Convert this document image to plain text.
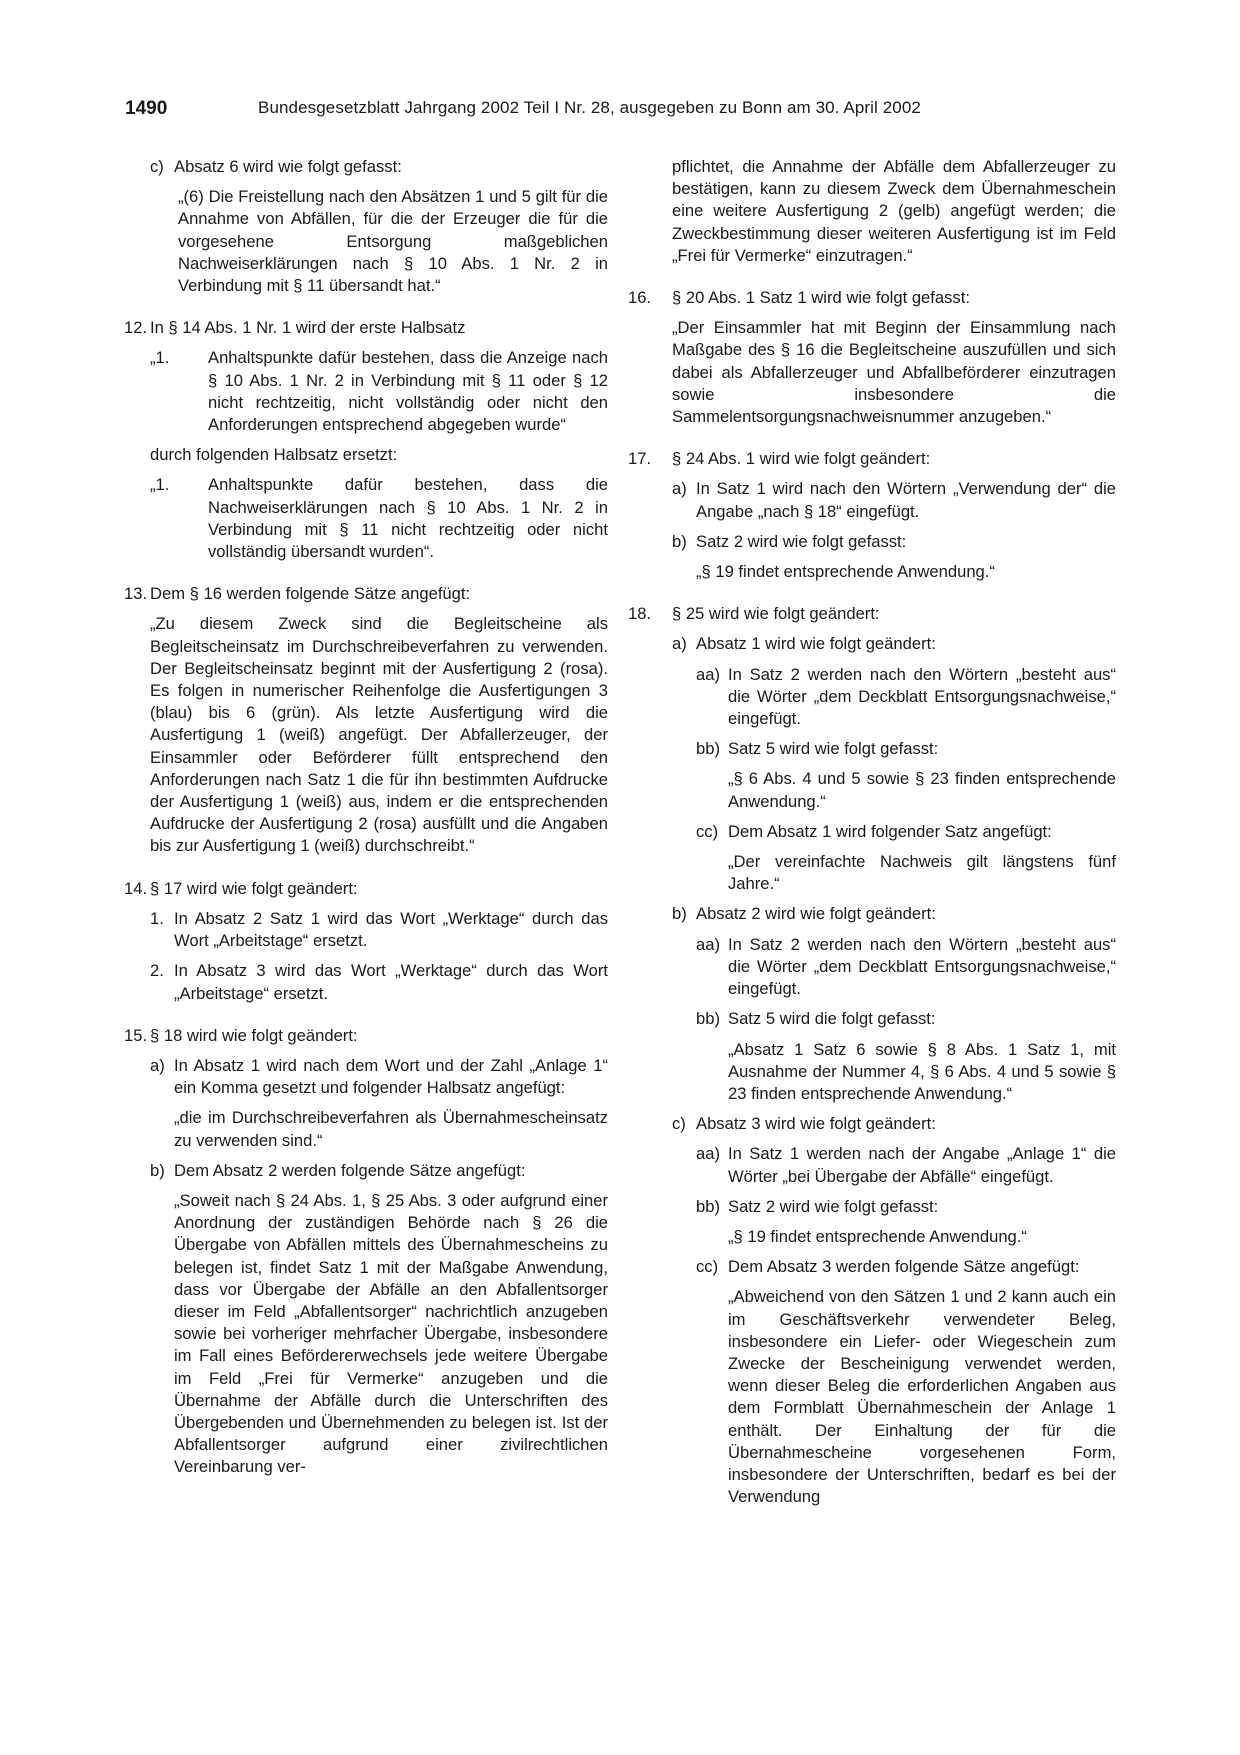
1490	Bundesgesetzblatt Jahrgang 2002 Teil I Nr. 28, ausgegeben zu Bonn am 30. April 2002
c) Absatz 6 wird wie folgt gefasst:

„(6) Die Freistellung nach den Absätzen 1 und 5 gilt für die Annahme von Abfällen, für die der Erzeuger die für die vorgesehene Entsorgung maßgeblichen Nachweiserklärungen nach § 10 Abs. 1 Nr. 2 in Verbindung mit § 11 übersandt hat.“

12. In § 14 Abs. 1 Nr. 1 wird der erste Halbsatz

„1. Anhaltspunkte dafür bestehen, dass die Anzeige nach § 10 Abs. 1 Nr. 2 in Verbindung mit § 11 oder § 12 nicht rechtzeitig, nicht vollständig oder nicht den Anforderungen entsprechend abgegeben wurde“

durch folgenden Halbsatz ersetzt:

„1. Anhaltspunkte dafür bestehen, dass die Nachweiserklärungen nach § 10 Abs. 1 Nr. 2 in Verbindung mit § 11 nicht rechtzeitig oder nicht vollständig übersandt wurden“.

13. Dem § 16 werden folgende Sätze angefügt:

„Zu diesem Zweck sind die Begleitscheine als Begleitscheinsatz im Durchschreibeverfahren zu verwenden. Der Begleitscheinsatz beginnt mit der Ausfertigung 2 (rosa). Es folgen in numerischer Reihenfolge die Ausfertigungen 3 (blau) bis 6 (grün). Als letzte Ausfertigung wird die Ausfertigung 1 (weiß) angefügt. Der Abfallerzeuger, der Einsammler oder Beförderer füllt entsprechend den Anforderungen nach Satz 1 die für ihn bestimmten Aufdrucke der Ausfertigung 1 (weiß) aus, indem er die entsprechenden Aufdrucke der Ausfertigung 2 (rosa) ausfüllt und die Angaben bis zur Ausfertigung 1 (weiß) durchschreibt.“

14. § 17 wird wie folgt geändert:

1. In Absatz 2 Satz 1 wird das Wort „Werktage“ durch das Wort „Arbeitstage“ ersetzt.

2. In Absatz 3 wird das Wort „Werktage“ durch das Wort „Arbeitstage“ ersetzt.

15. § 18 wird wie folgt geändert:

a) In Absatz 1 wird nach dem Wort und der Zahl „Anlage 1“ ein Komma gesetzt und folgender Halbsatz angefügt:

„die im Durchschreibeverfahren als Übernahmescheinsatz zu verwenden sind.“

b) Dem Absatz 2 werden folgende Sätze angefügt:

„Soweit nach § 24 Abs. 1, § 25 Abs. 3 oder aufgrund einer Anordnung der zuständigen Behörde nach § 26 die Übergabe von Abfällen mittels des Übernahmescheins zu belegen ist, findet Satz 1 mit der Maßgabe Anwendung, dass vor Übergabe der Abfälle an den Abfallentsorger dieser im Feld „Abfallentsorger“ nachrichtlich anzugeben sowie bei vorheriger mehrfacher Übergabe, insbesondere im Fall eines Befördererwechsels jede weitere Übergabe im Feld „Frei für Vermerke“ anzugeben und die Übernahme der Abfälle durch die Unterschriften des Übergebenden und Übernehmenden zu belegen ist. Ist der Abfallentsorger aufgrund einer zivilrechtlichen Vereinbarung ver-

pflichtet, die Annahme der Abfälle dem Abfallerzeuger zu bestätigen, kann zu diesem Zweck dem Übernahmeschein eine weitere Ausfertigung 2 (gelb) angefügt werden; die Zweckbestimmung dieser weiteren Ausfertigung ist im Feld „Frei für Vermerke“ einzutragen.“

16. § 20 Abs. 1 Satz 1 wird wie folgt gefasst:

„Der Einsammler hat mit Beginn der Einsammlung nach Maßgabe des § 16 die Begleitscheine auszufüllen und sich dabei als Abfallerzeuger und Abfallbeförderer einzutragen sowie insbesondere die Sammelentsorgungsnachweisnummer anzugeben.“

17. § 24 Abs. 1 wird wie folgt geändert:

a) In Satz 1 wird nach den Wörtern „Verwendung der“ die Angabe „nach § 18“ eingefügt.

b) Satz 2 wird wie folgt gefasst:

„§ 19 findet entsprechende Anwendung.“

18. § 25 wird wie folgt geändert:

a) Absatz 1 wird wie folgt geändert:

aa) In Satz 2 werden nach den Wörtern „besteht aus“ die Wörter „dem Deckblatt Entsorgungsnachweise,“ eingefügt.

bb) Satz 5 wird wie folgt gefasst:

„§ 6 Abs. 4 und 5 sowie § 23 finden entsprechende Anwendung.“

cc) Dem Absatz 1 wird folgender Satz angefügt:

„Der vereinfachte Nachweis gilt längstens fünf Jahre.“

b) Absatz 2 wird wie folgt geändert:

aa) In Satz 2 werden nach den Wörtern „besteht aus“ die Wörter „dem Deckblatt Entsorgungsnachweise,“ eingefügt.

bb) Satz 5 wird die folgt gefasst:

„Absatz 1 Satz 6 sowie § 8 Abs. 1 Satz 1, mit Ausnahme der Nummer 4, § 6 Abs. 4 und 5 sowie § 23 finden entsprechende Anwendung.“

c) Absatz 3 wird wie folgt geändert:

aa) In Satz 1 werden nach der Angabe „Anlage 1“ die Wörter „bei Übergabe der Abfälle“ eingefügt.

bb) Satz 2 wird wie folgt gefasst:

„§ 19 findet entsprechende Anwendung.“

cc) Dem Absatz 3 werden folgende Sätze angefügt:

„Abweichend von den Sätzen 1 und 2 kann auch ein im Geschäftsverkehr verwendeter Beleg, insbesondere ein Liefer- oder Wiegeschein zum Zwecke der Bescheinigung verwendet werden, wenn dieser Beleg die erforderlichen Angaben aus dem Formblatt Übernahmeschein der Anlage 1 enthält. Der Einhaltung der für die Übernahmescheine vorgesehenen Form, insbesondere der Unterschriften, bedarf es bei der Verwendung
